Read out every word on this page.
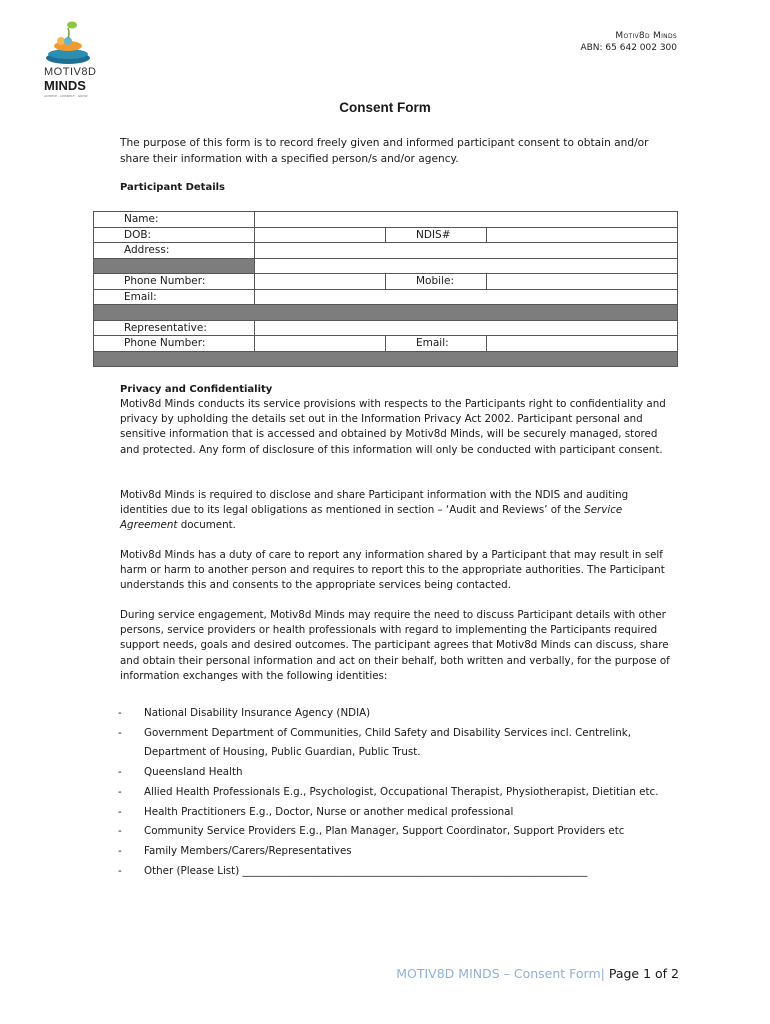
MOTIV8D
MINDS
ACHIEVE - CONNECT - GROW
Motiv8d Minds
ABN: 65 642 002 300
Consent Form
The purpose of this form is to record freely given and informed participant consent to obtain and/or share their information with a specified person/s and/or agency.
Participant Details
Name:			
DOB:		NDIS#	
Address:			

Phone Number:		Mobile:	
Email:			

Representative:			
Phone Number:		Email:	

Privacy and Confidentiality

Motiv8d Minds conducts its service provisions with respects to the Participants right to confidentiality and privacy by upholding the details set out in the Information Privacy Act 2002. Participant personal and sensitive information that is accessed and obtained by Motiv8d Minds, will be securely managed, stored and protected. Any form of disclosure of this information will only be conducted with participant consent.

Motiv8d Minds is required to disclose and share Participant information with the NDIS and auditing identities due to its legal obligations as mentioned in section – ‘Audit and Reviews’ of the Service Agreement document.

Motiv8d Minds has a duty of care to report any information shared by a Participant that may result in self harm or harm to another person and requires to report this to the appropriate authorities. The Participant understands this and consents to the appropriate services being contacted.

During service engagement, Motiv8d Minds may require the need to discuss Participant details with other persons, service providers or health professionals with regard to implementing the Participants required support needs, goals and desired outcomes. The participant agrees that Motiv8d Minds can discuss, share and obtain their personal information and act on their behalf, both written and verbally, for the purpose of information exchanges with the following identities:

- National Disability Insurance Agency (NDIA)
- Government Department of Communities, Child Safety and Disability Services incl. Centrelink, Department of Housing, Public Guardian, Public Trust.
- Queensland Health
- Allied Health Professionals E.g., Psychologist, Occupational Therapist, Physiotherapist, Dietitian etc.
- Health Practitioners E.g., Doctor, Nurse or another medical professional
- Community Service Providers E.g., Plan Manager, Support Coordinator, Support Providers etc
- Family Members/Carers/Representatives
- Other (Please List) ___________________________________________________________________
MOTIV8D MINDS – Consent Form| Page 1 of 2
